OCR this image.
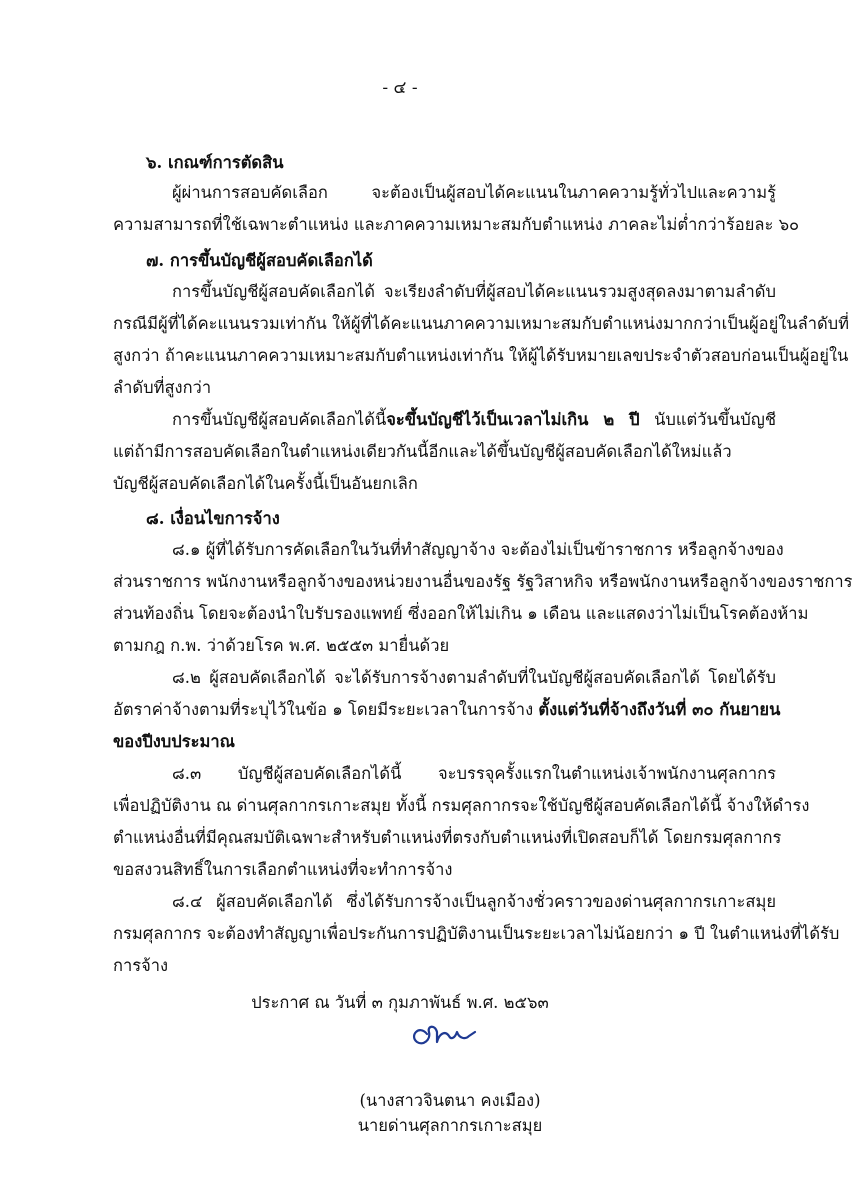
- ๔ -
๖. เกณฑ์การตัดสิน
ผู้ผ่านการสอบคัดเลือก จะต้องเป็นผู้สอบได้คะแนนในภาคความรู้ทั่วไปและความรู้
ความสามารถที่ใช้เฉพาะตำแหน่ง และภาคความเหมาะสมกับตำแหน่ง ภาคละไม่ต่ำกว่าร้อยละ ๖๐
๗. การขึ้นบัญชีผู้สอบคัดเลือกได้
การขึ้นบัญชีผู้สอบคัดเลือกได้ จะเรียงลำดับที่ผู้สอบได้คะแนนรวมสูงสุดลงมาตามลำดับ
กรณีมีผู้ที่ได้คะแนนรวมเท่ากัน ให้ผู้ที่ได้คะแนนภาคความเหมาะสมกับตำแหน่งมากกว่าเป็นผู้อยู่ในลำดับที่
สูงกว่า ถ้าคะแนนภาคความเหมาะสมกับตำแหน่งเท่ากัน ให้ผู้ได้รับหมายเลขประจำตัวสอบก่อนเป็นผู้อยู่ใน
ลำดับที่สูงกว่า
การขึ้นบัญชีผู้สอบคัดเลือกได้นี้จะขึ้นบัญชีไว้เป็นเวลาไม่เกิน ๒ ปี นับแต่วันขึ้นบัญชี
แต่ถ้ามีการสอบคัดเลือกในตำแหน่งเดียวกันนี้อีกและได้ขึ้นบัญชีผู้สอบคัดเลือกได้ใหม่แล้ว
บัญชีผู้สอบคัดเลือกได้ในครั้งนี้เป็นอันยกเลิก
๘. เงื่อนไขการจ้าง
๘.๑ ผู้ที่ได้รับการคัดเลือกในวันที่ทำสัญญาจ้าง จะต้องไม่เป็นข้าราชการ หรือลูกจ้างของ
ส่วนราชการ พนักงานหรือลูกจ้างของหน่วยงานอื่นของรัฐ รัฐวิสาหกิจ หรือพนักงานหรือลูกจ้างของราชการ
ส่วนท้องถิ่น โดยจะต้องนำใบรับรองแพทย์ ซึ่งออกให้ไม่เกิน ๑ เดือน และแสดงว่าไม่เป็นโรคต้องห้าม
ตามกฎ ก.พ. ว่าด้วยโรค พ.ศ. ๒๕๕๓ มายื่นด้วย
๘.๒ ผู้สอบคัดเลือกได้ จะได้รับการจ้างตามลำดับที่ในบัญชีผู้สอบคัดเลือกได้ โดยได้รับ
อัตราค่าจ้างตามที่ระบุไว้ในข้อ ๑ โดยมีระยะเวลาในการจ้าง ตั้งแต่วันที่จ้างถึงวันที่ ๓๐ กันยายน
ของปีงบประมาณ
๘.๓ บัญชีผู้สอบคัดเลือกได้นี้ จะบรรจุครั้งแรกในตำแหน่งเจ้าพนักงานศุลกากร
เพื่อปฏิบัติงาน ณ ด่านศุลกากรเกาะสมุย ทั้งนี้ กรมศุลกากรจะใช้บัญชีผู้สอบคัดเลือกได้นี้ จ้างให้ดำรง
ตำแหน่งอื่นที่มีคุณสมบัติเฉพาะสำหรับตำแหน่งที่ตรงกับตำแหน่งที่เปิดสอบก็ได้ โดยกรมศุลกากร
ขอสงวนสิทธิ์ในการเลือกตำแหน่งที่จะทำการจ้าง
๘.๔ ผู้สอบคัดเลือกได้ ซึ่งได้รับการจ้างเป็นลูกจ้างชั่วคราวของด่านศุลกากรเกาะสมุย
กรมศุลกากร จะต้องทำสัญญาเพื่อประกันการปฏิบัติงานเป็นระยะเวลาไม่น้อยกว่า ๑ ปี ในตำแหน่งที่ได้รับ
การจ้าง
ประกาศ ณ วันที่ ๓ กุมภาพันธ์ พ.ศ. ๒๕๖๓
(นางสาวจินตนา คงเมือง)
นายด่านศุลกากรเกาะสมุย
